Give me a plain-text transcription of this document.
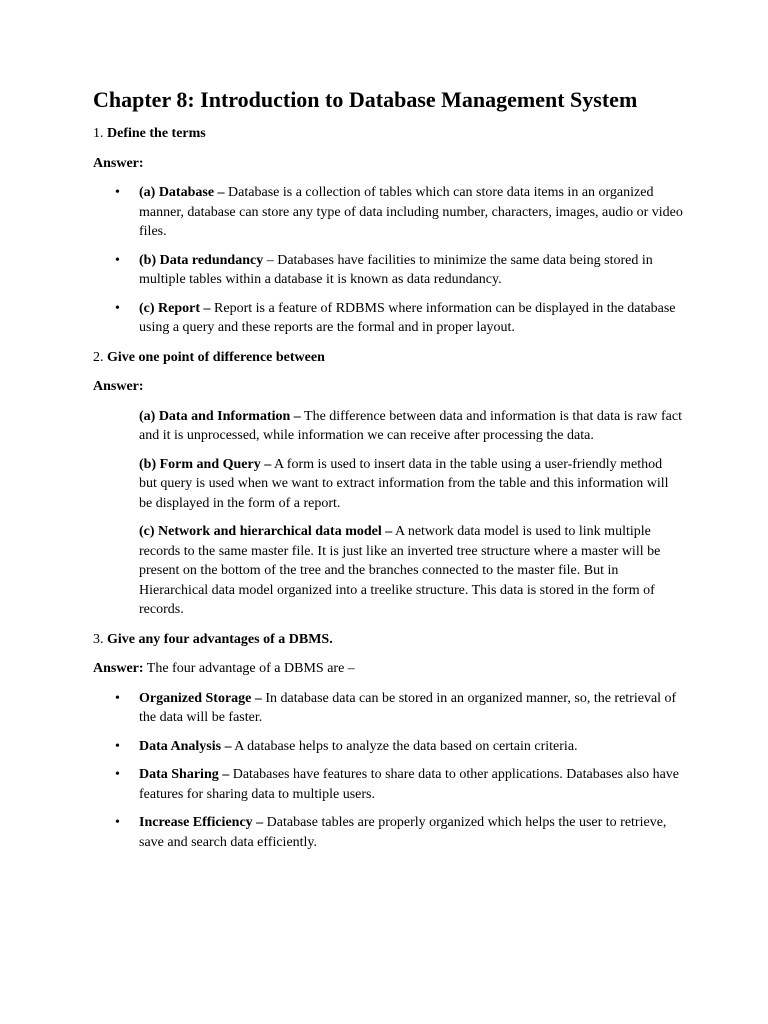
Chapter 8: Introduction to Database Management System

1. Define the terms

Answer:

• (a) Database – Database is a collection of tables which can store data items in an organized manner, database can store any type of data including number, characters, images, audio or video files.
• (b) Data redundancy – Databases have facilities to minimize the same data being stored in multiple tables within a database it is known as data redundancy.
• (c) Report – Report is a feature of RDBMS where information can be displayed in the database using a query and these reports are the formal and in proper layout.

2. Give one point of difference between

Answer:

(a) Data and Information – The difference between data and information is that data is raw fact and it is unprocessed, while information we can receive after processing the data.

(b) Form and Query – A form is used to insert data in the table using a user-friendly method but query is used when we want to extract information from the table and this information will be displayed in the form of a report.

(c) Network and hierarchical data model – A network data model is used to link multiple records to the same master file. It is just like an inverted tree structure where a master will be present on the bottom of the tree and the branches connected to the master file. But in Hierarchical data model organized into a treelike structure. This data is stored in the form of records.

3. Give any four advantages of a DBMS.

Answer: The four advantage of a DBMS are –

• Organized Storage – In database data can be stored in an organized manner, so, the retrieval of the data will be faster.
• Data Analysis – A database helps to analyze the data based on certain criteria.
• Data Sharing – Databases have features to share data to other applications. Databases also have features for sharing data to multiple users.
• Increase Efficiency – Database tables are properly organized which helps the user to retrieve, save and search data efficiently.
